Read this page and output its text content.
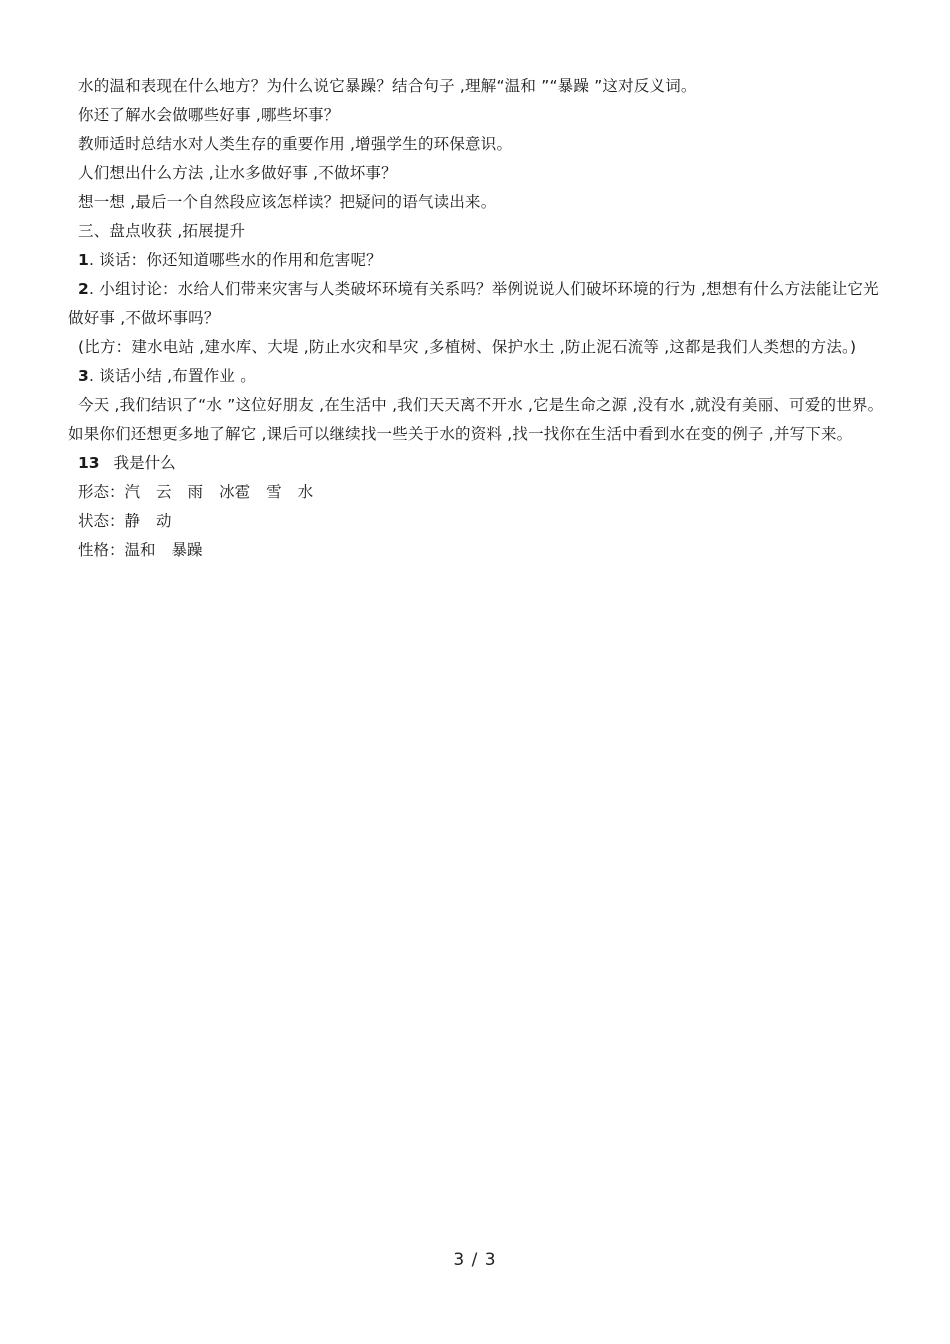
水的温和表现在什么地方？为什么说它暴躁？结合句子 ,理解“温和 ”“暴躁 ”这对反义词。

你还了解水会做哪些好事 ,哪些坏事？

教师适时总结水对人类生存的重要作用 ,增强学生的环保意识。

人们想出什么方法 ,让水多做好事 ,不做坏事？

想一想 ,最后一个自然段应该怎样读？把疑问的语气读出来。

三、盘点收获 ,拓展提升

1. 谈话：你还知道哪些水的作用和危害呢？

2. 小组讨论：水给人们带来灾害与人类破坏环境有关系吗？举例说说人们破坏环境的行为 ,想想有什么方法能让它光做好事 ,不做坏事吗？

(比方：建水电站 ,建水库、大堤 ,防止水灾和旱灾 ,多植树、保护水土 ,防止泥石流等 ,这都是我们人类想的方法。)

3. 谈话小结 ,布置作业 。

今天 ,我们结识了“水 ”这位好朋友 ,在生活中 ,我们天天离不开水 ,它是生命之源 ,没有水 ,就没有美丽、可爱的世界。如果你们还想更多地了解它 ,课后可以继续找一些关于水的资料 ,找一找你在生活中看到水在变的例子 ,并写下来。

13 我是什么

形态： 汽 云 雨 冰雹 雪 水
状态： 静 动
性格： 温和 暴躁
3 / 3
